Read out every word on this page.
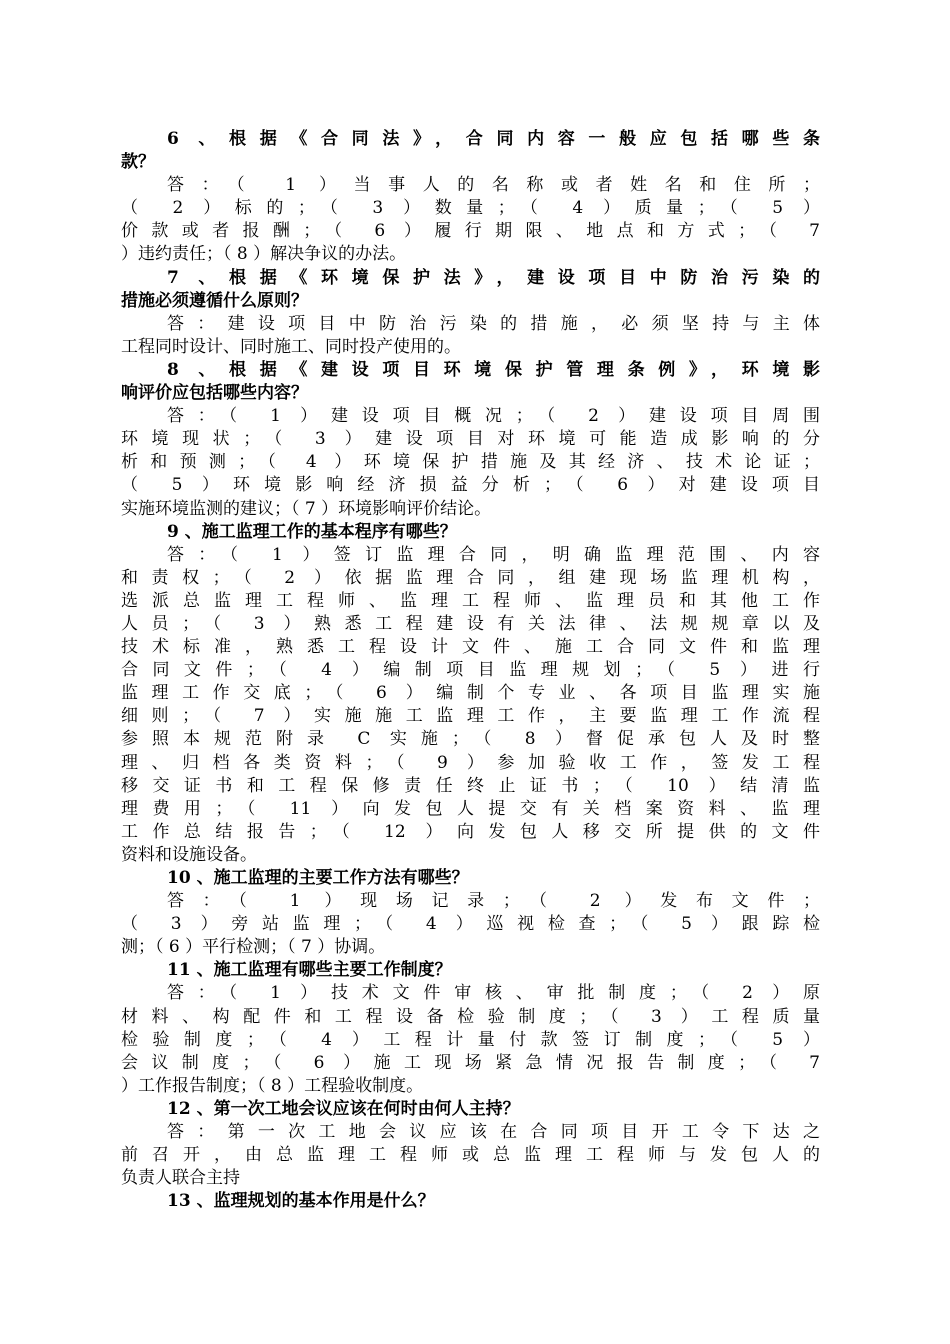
6 、根据《合同法》，合同内容一般应包括哪些条
款？
答：（ 1 ）当事人的名称或者姓名和住所；
（ 2 ）标的；（ 3 ）数量；（ 4 ）质量；（ 5 ）
价款或者报酬；（ 6 ）履行期限、地点和方式；（ 7
）违约责任；（ 8 ）解决争议的办法。
7 、根据《环境保护法》，建设项目中防治污染的
措施必须遵循什么原则？
答：建设项目中防治污染的措施，必须坚持与主体
工程同时设计、同时施工、同时投产使用的。
8 、根据《建设项目环境保护管理条例》，环境影
响评价应包括哪些内容？
答：（ 1 ）建设项目概况；（ 2 ）建设项目周围
环境现状；（ 3 ）建设项目对环境可能造成影响的分
析和预测；（ 4 ）环境保护措施及其经济、技术论证；
（ 5 ）环境影响经济损益分析；（ 6 ）对建设项目
实施环境监测的建议；（ 7 ）环境影响评价结论。
9 、施工监理工作的基本程序有哪些？
答：（ 1 ）签订监理合同，明确监理范围、内容
和责权；（ 2 ）依据监理合同，组建现场监理机构，
选派总监理工程师、监理工程师、监理员和其他工作
人员；（ 3 ）熟悉工程建设有关法律、法规规章以及
技术标准，熟悉工程设计文件、施工合同文件和监理
合同文件；（ 4 ）编制项目监理规划；（ 5 ）进行
监理工作交底；（ 6 ）编制个专业、各项目监理实施
细则；（ 7 ）实施施工监理工作，主要监理工作流程
参照本规范附录 C 实施；（ 8 ）督促承包人及时整
理、归档各类资料；（ 9 ）参加验收工作，签发工程
移交证书和工程保修责任终止证书；（ 10 ）结清监
理费用；（ 11 ）向发包人提交有关档案资料、监理
工作总结报告；（ 12 ）向发包人移交所提供的文件
资料和设施设备。
10 、施工监理的主要工作方法有哪些？
答：（ 1 ）现场记录；（ 2 ）发布文件；
（ 3 ）旁站监理；（ 4 ）巡视检查；（ 5 ）跟踪检
测；（ 6 ）平行检测；（ 7 ）协调。
11 、施工监理有哪些主要工作制度？
答：（ 1 ）技术文件审核、审批制度；（ 2 ）原
材料、构配件和工程设备检验制度；（ 3 ）工程质量
检验制度；（ 4 ）工程计量付款签订制度；（ 5 ）
会议制度；（ 6 ）施工现场紧急情况报告制度；（ 7
）工作报告制度；（ 8 ）工程验收制度。
12 、第一次工地会议应该在何时由何人主持？
答：第一次工地会议应该在合同项目开工令下达之
前召开，由总监理工程师或总监理工程师与发包人的
负责人联合主持
13 、监理规划的基本作用是什么？
